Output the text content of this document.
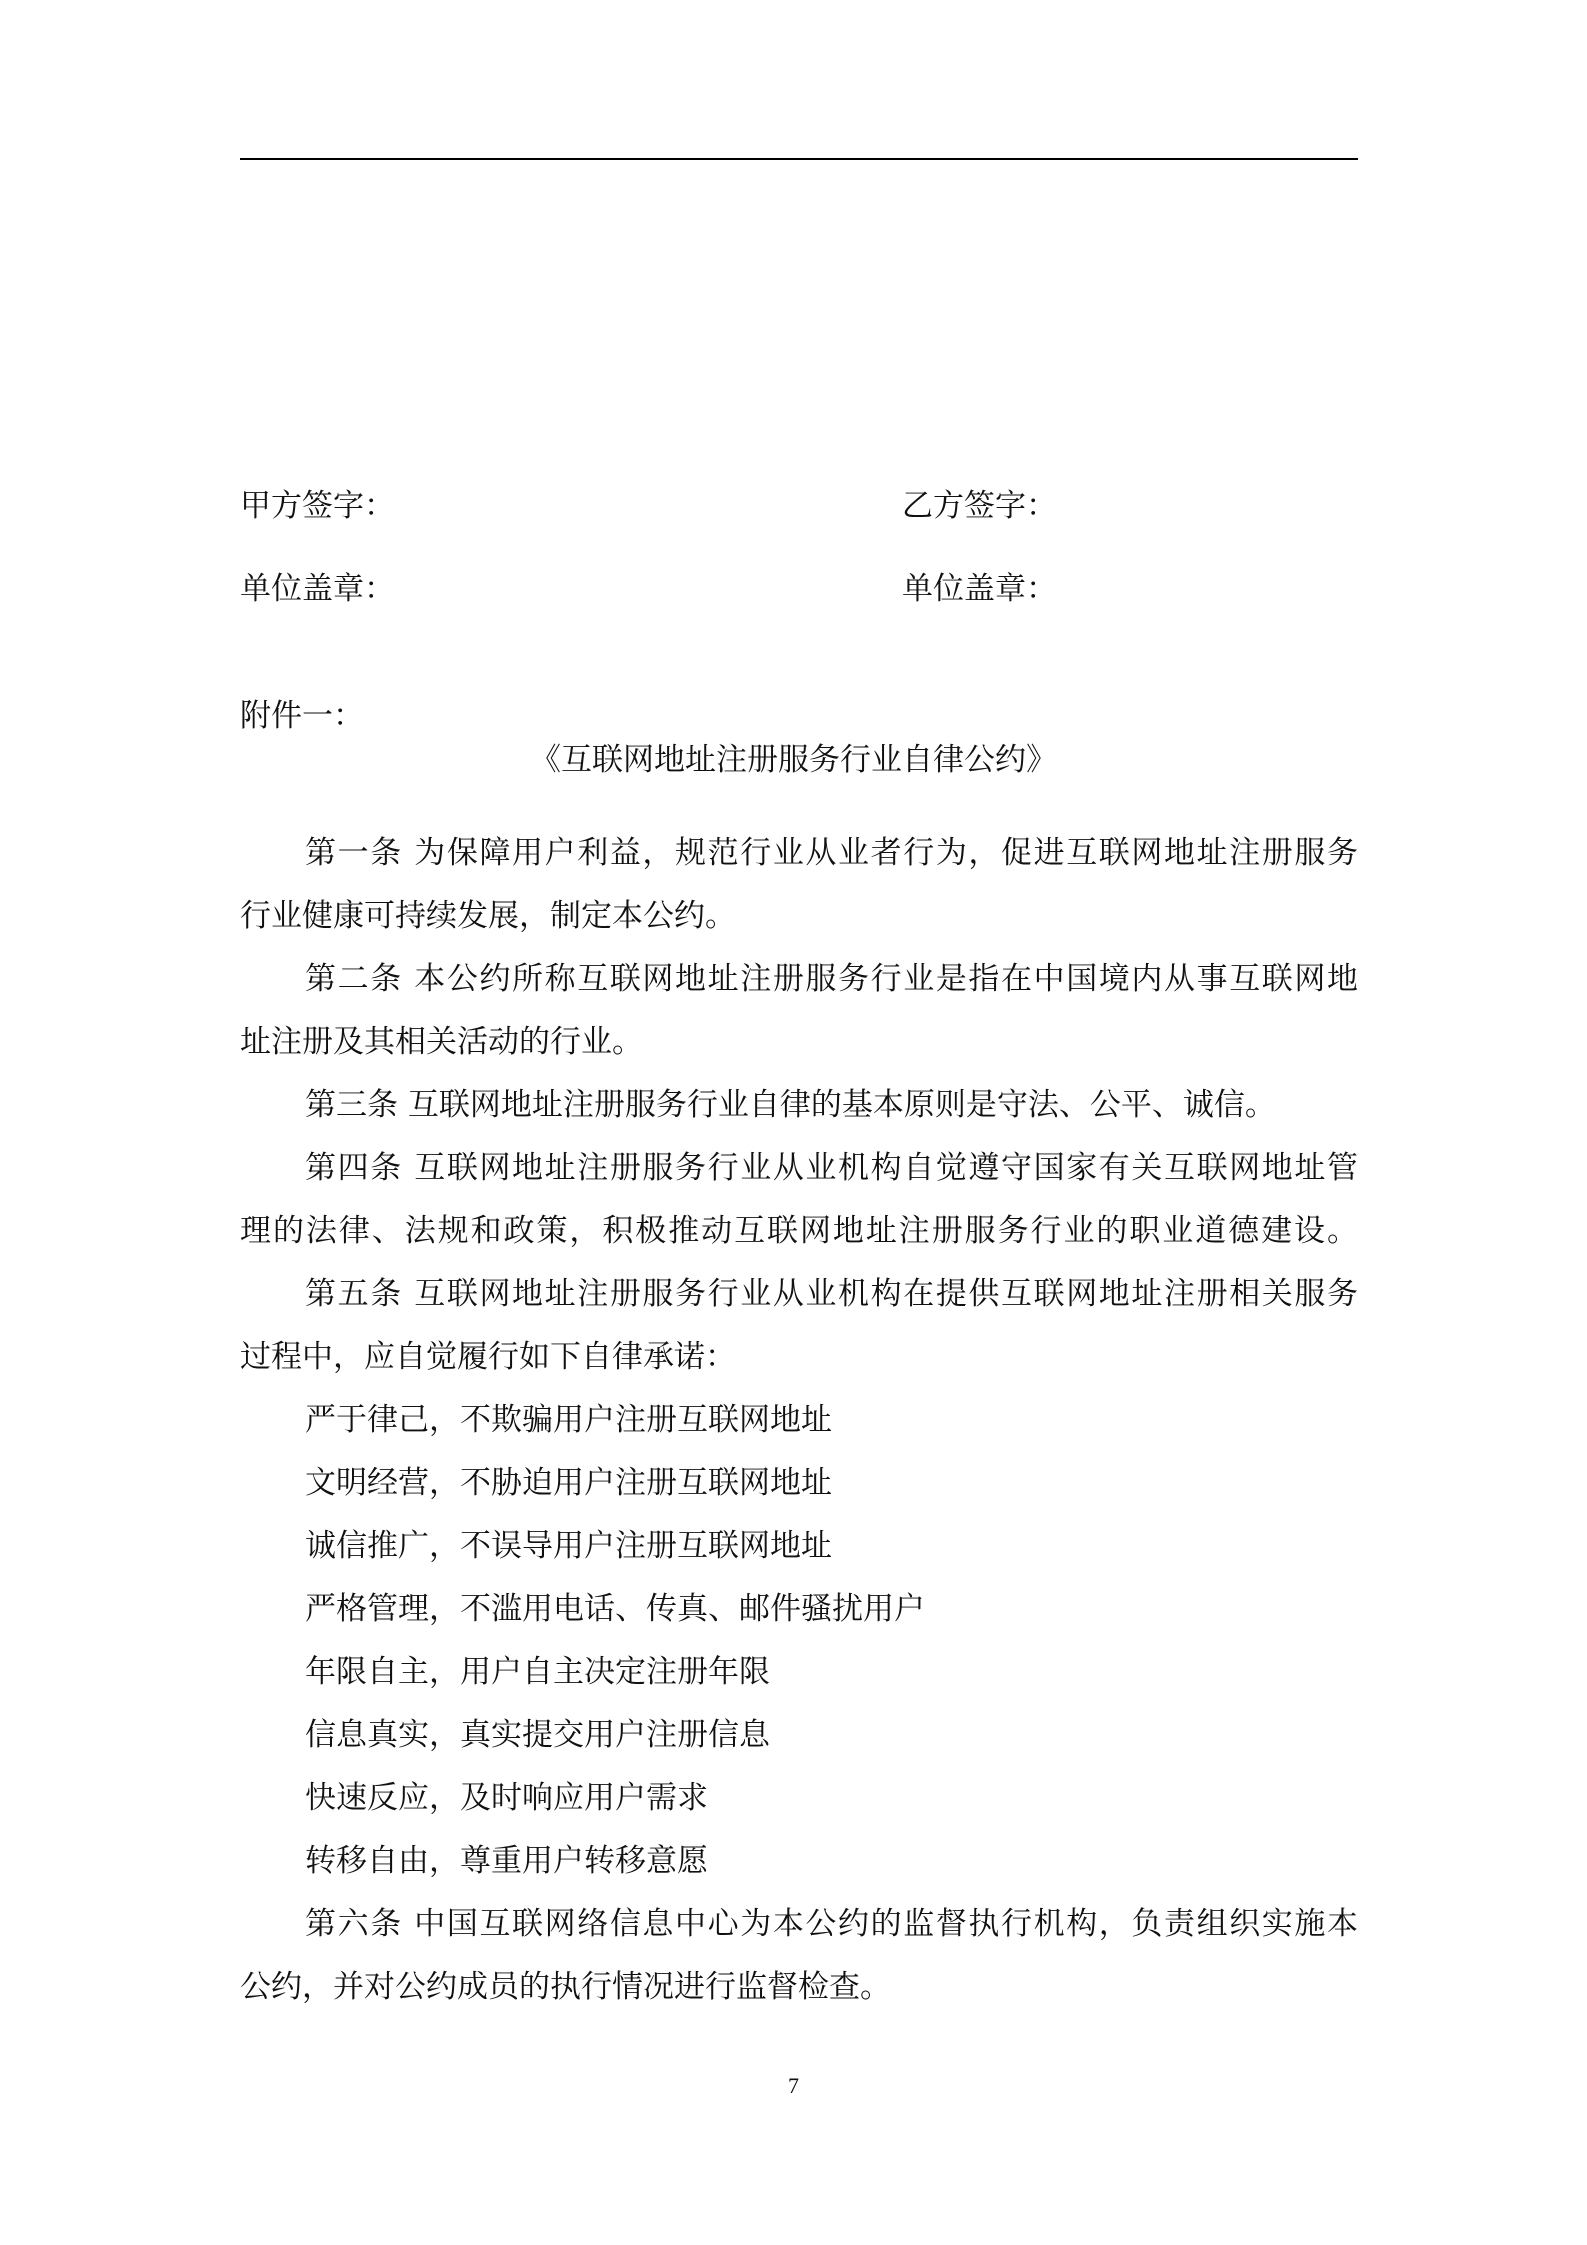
甲方签字：	乙方签字：
单位盖章：	单位盖章：
附件一：
《互联网地址注册服务行业自律公约》
第一条 为保障用户利益，规范行业从业者行为，促进互联网地址注册服务
行业健康可持续发展，制定本公约。
第二条 本公约所称互联网地址注册服务行业是指在中国境内从事互联网地
址注册及其相关活动的行业。
第三条 互联网地址注册服务行业自律的基本原则是守法、公平、诚信。
第四条 互联网地址注册服务行业从业机构自觉遵守国家有关互联网地址管
理的法律、法规和政策，积极推动互联网地址注册服务行业的职业道德建设。
第五条 互联网地址注册服务行业从业机构在提供互联网地址注册相关服务
过程中，应自觉履行如下自律承诺：
严于律己，不欺骗用户注册互联网地址
文明经营，不胁迫用户注册互联网地址
诚信推广，不误导用户注册互联网地址
严格管理，不滥用电话、传真、邮件骚扰用户
年限自主，用户自主决定注册年限
信息真实，真实提交用户注册信息
快速反应，及时响应用户需求
转移自由，尊重用户转移意愿
第六条 中国互联网络信息中心为本公约的监督执行机构，负责组织实施本
公约，并对公约成员的执行情况进行监督检查。
7
